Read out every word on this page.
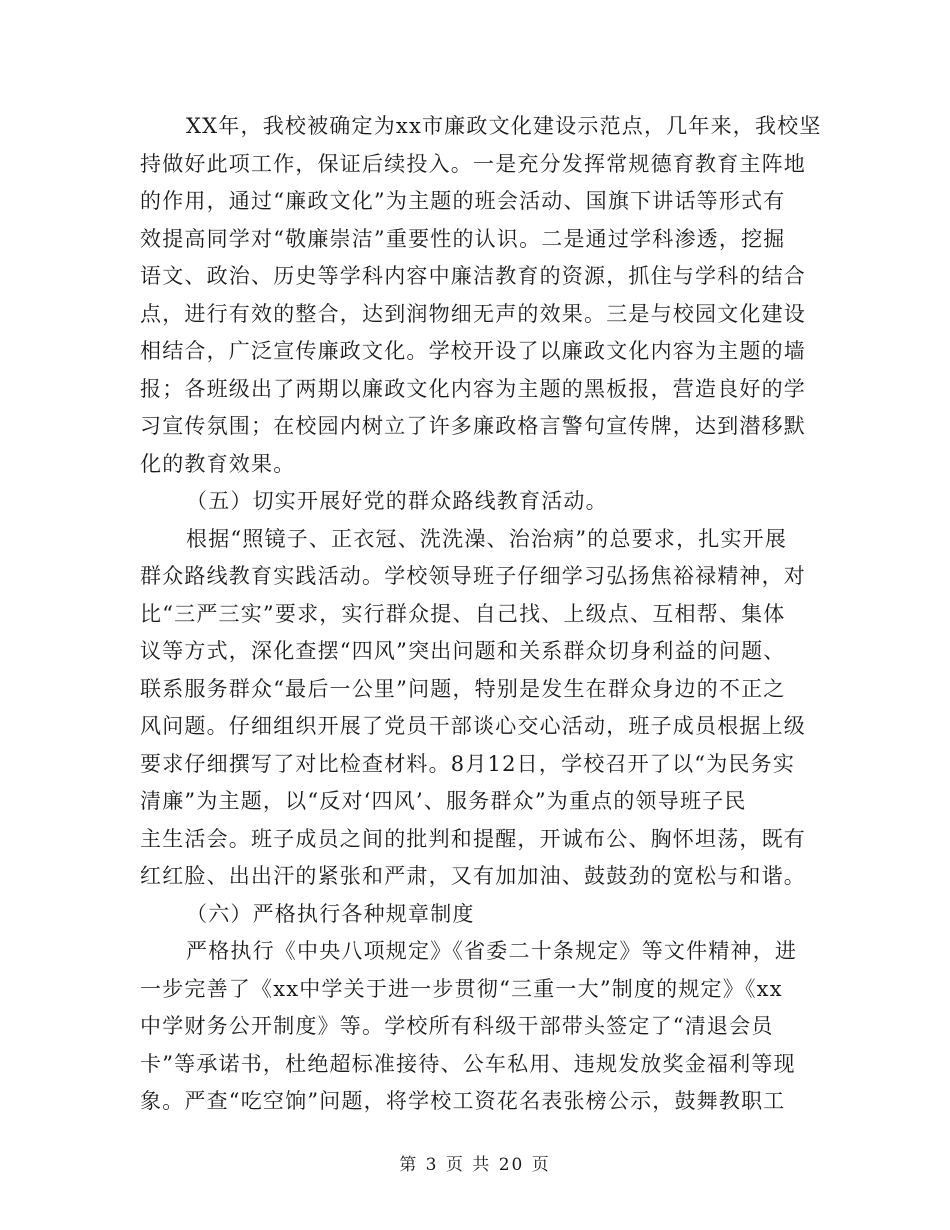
XX年，我校被确定为xx市廉政文化建设示范点，几年来，我校坚
持做好此项工作，保证后续投入。一是充分发挥常规德育教育主阵地
的作用，通过“廉政文化”为主题的班会活动、国旗下讲话等形式有
效提高同学对“敬廉崇洁”重要性的认识。二是通过学科渗透，挖掘
语文、政治、历史等学科内容中廉洁教育的资源，抓住与学科的结合
点，进行有效的整合，达到润物细无声的效果。三是与校园文化建设
相结合，广泛宣传廉政文化。学校开设了以廉政文化内容为主题的墙
报；各班级出了两期以廉政文化内容为主题的黑板报，营造良好的学
习宣传氛围；在校园内树立了许多廉政格言警句宣传牌，达到潜移默
化的教育效果。
（五）切实开展好党的群众路线教育活动。
根据“照镜子、正衣冠、洗洗澡、治治病”的总要求，扎实开展
群众路线教育实践活动。学校领导班子仔细学习弘扬焦裕禄精神，对
比“三严三实”要求，实行群众提、自己找、上级点、互相帮、集体
议等方式，深化查摆“四风”突出问题和关系群众切身利益的问题、
联系服务群众“最后一公里”问题，特别是发生在群众身边的不正之
风问题。仔细组织开展了党员干部谈心交心活动，班子成员根据上级
要求仔细撰写了对比检查材料。8月12日，学校召开了以“为民务实
清廉”为主题，以“反对‘四风’、服务群众”为重点的领导班子民
主生活会。班子成员之间的批判和提醒，开诚布公、胸怀坦荡，既有
红红脸、出出汗的紧张和严肃，又有加加油、鼓鼓劲的宽松与和谐。
（六）严格执行各种规章制度
严格执行《中央八项规定》《省委二十条规定》等文件精神，进
一步完善了《xx中学关于进一步贯彻“三重一大”制度的规定》《xx
中学财务公开制度》等。学校所有科级干部带头签定了“清退会员
卡”等承诺书，杜绝超标准接待、公车私用、违规发放奖金福利等现
象。严查“吃空饷”问题，将学校工资花名表张榜公示，鼓舞教职工
第 3 页 共 20 页
